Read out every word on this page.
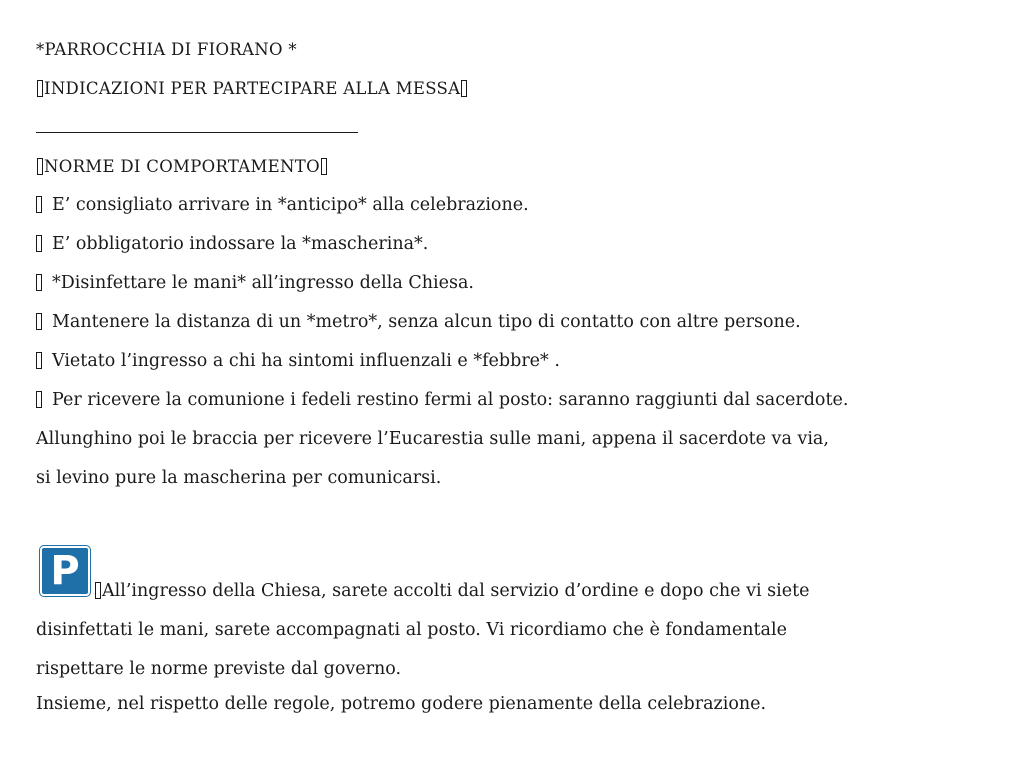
*PARROCCHIA DI FIORANO *
INDICAZIONI PER PARTECIPARE ALLA MESSA
NORME DI COMPORTAMENTO
E’ consigliato arrivare in *anticipo* alla celebrazione.
E’ obbligatorio indossare la *mascherina*.
*Disinfettare le mani* all’ingresso della Chiesa.
Mantenere la distanza di un *metro*, senza alcun tipo di contatto con altre persone.
Vietato l’ingresso a chi ha sintomi influenzali e *febbre* .
Per ricevere la comunione i fedeli restino fermi al posto: saranno raggiunti dal sacerdote.
Allunghino poi le braccia per ricevere l’Eucarestia sulle mani, appena il sacerdote va via,
si levino pure la mascherina per comunicarsi.
P	All’ingresso della Chiesa, sarete accolti dal servizio d’ordine e dopo che vi siete
disinfettati le mani, sarete accompagnati al posto. Vi ricordiamo che è fondamentale
rispettare le norme previste dal governo.
Insieme, nel rispetto delle regole, potremo godere pienamente della celebrazione.
